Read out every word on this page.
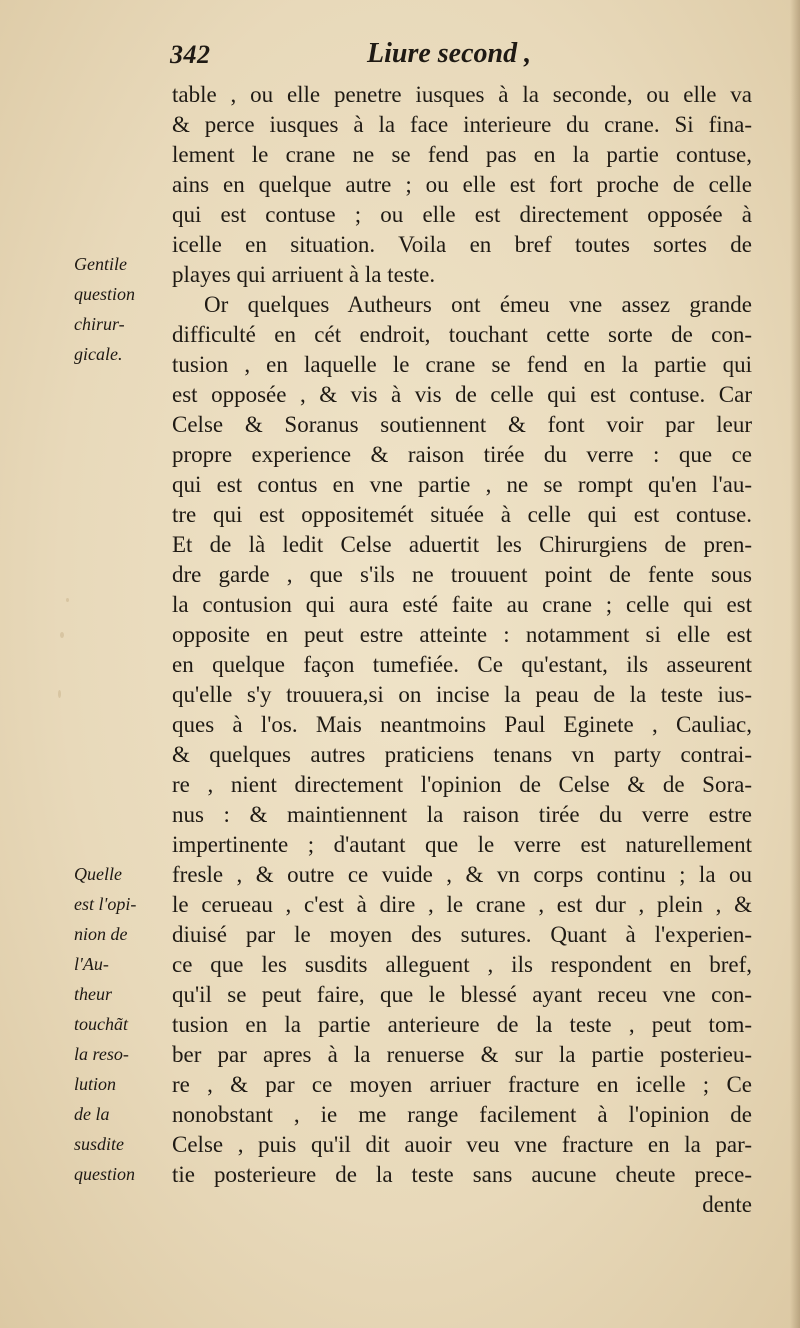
342	Liure second ,
table , ou elle penetre iusques à la seconde, ou elle va
& perce iusques à la face interieure du crane. Si fina-
lement le crane ne se fend pas en la partie contuse,
ains en quelque autre ; ou elle est fort proche de celle
qui est contuse ; ou elle est directement opposée à
icelle en situation. Voila en bref toutes sortes de
playes qui arriuent à la teste.
Or quelques Autheurs ont émeu vne assez grande
difficulté en cét endroit, touchant cette sorte de con-
tusion , en laquelle le crane se fend en la partie qui
est opposée , & vis à vis de celle qui est contuse. Car
Celse & Soranus soutiennent & font voir par leur
propre experience & raison tirée du verre : que ce
qui est contus en vne partie , ne se rompt qu'en l'au-
tre qui est oppositemét située à celle qui est contuse.
Et de là ledit Celse aduertit les Chirurgiens de pren-
dre garde , que s'ils ne trouuent point de fente sous
la contusion qui aura esté faite au crane ; celle qui est
opposite en peut estre atteinte : notamment si elle est
en quelque façon tumefiée. Ce qu'estant, ils asseurent
qu'elle s'y trouuera,si on incise la peau de la teste ius-
ques à l'os. Mais neantmoins Paul Eginete , Cauliac,
& quelques autres praticiens tenans vn party contrai-
re , nient directement l'opinion de Celse & de Sora-
nus : & maintiennent la raison tirée du verre estre
impertinente ; d'autant que le verre est naturellement
fresle , & outre ce vuide , & vn corps continu ; la ou
le cerueau , c'est à dire , le crane , est dur , plein , &
diuisé par le moyen des sutures. Quant à l'experien-
ce que les susdits alleguent , ils respondent en bref,
qu'il se peut faire, que le blessé ayant receu vne con-
tusion en la partie anterieure de la teste , peut tom-
ber par apres à la renuerse & sur la partie posterieu-
re , & par ce moyen arriuer fracture en icelle ; Ce
nonobstant , ie me range facilement à l'opinion de
Celse , puis qu'il dit auoir veu vne fracture en la par-
tie posterieure de la teste sans aucune cheute prece-
dente
Gentile
question
chirur-
gicale.
Quelle
est l'opi-
nion de
l'Au-
theur
touchãt
la reso-
lution
de la
susdite
question
